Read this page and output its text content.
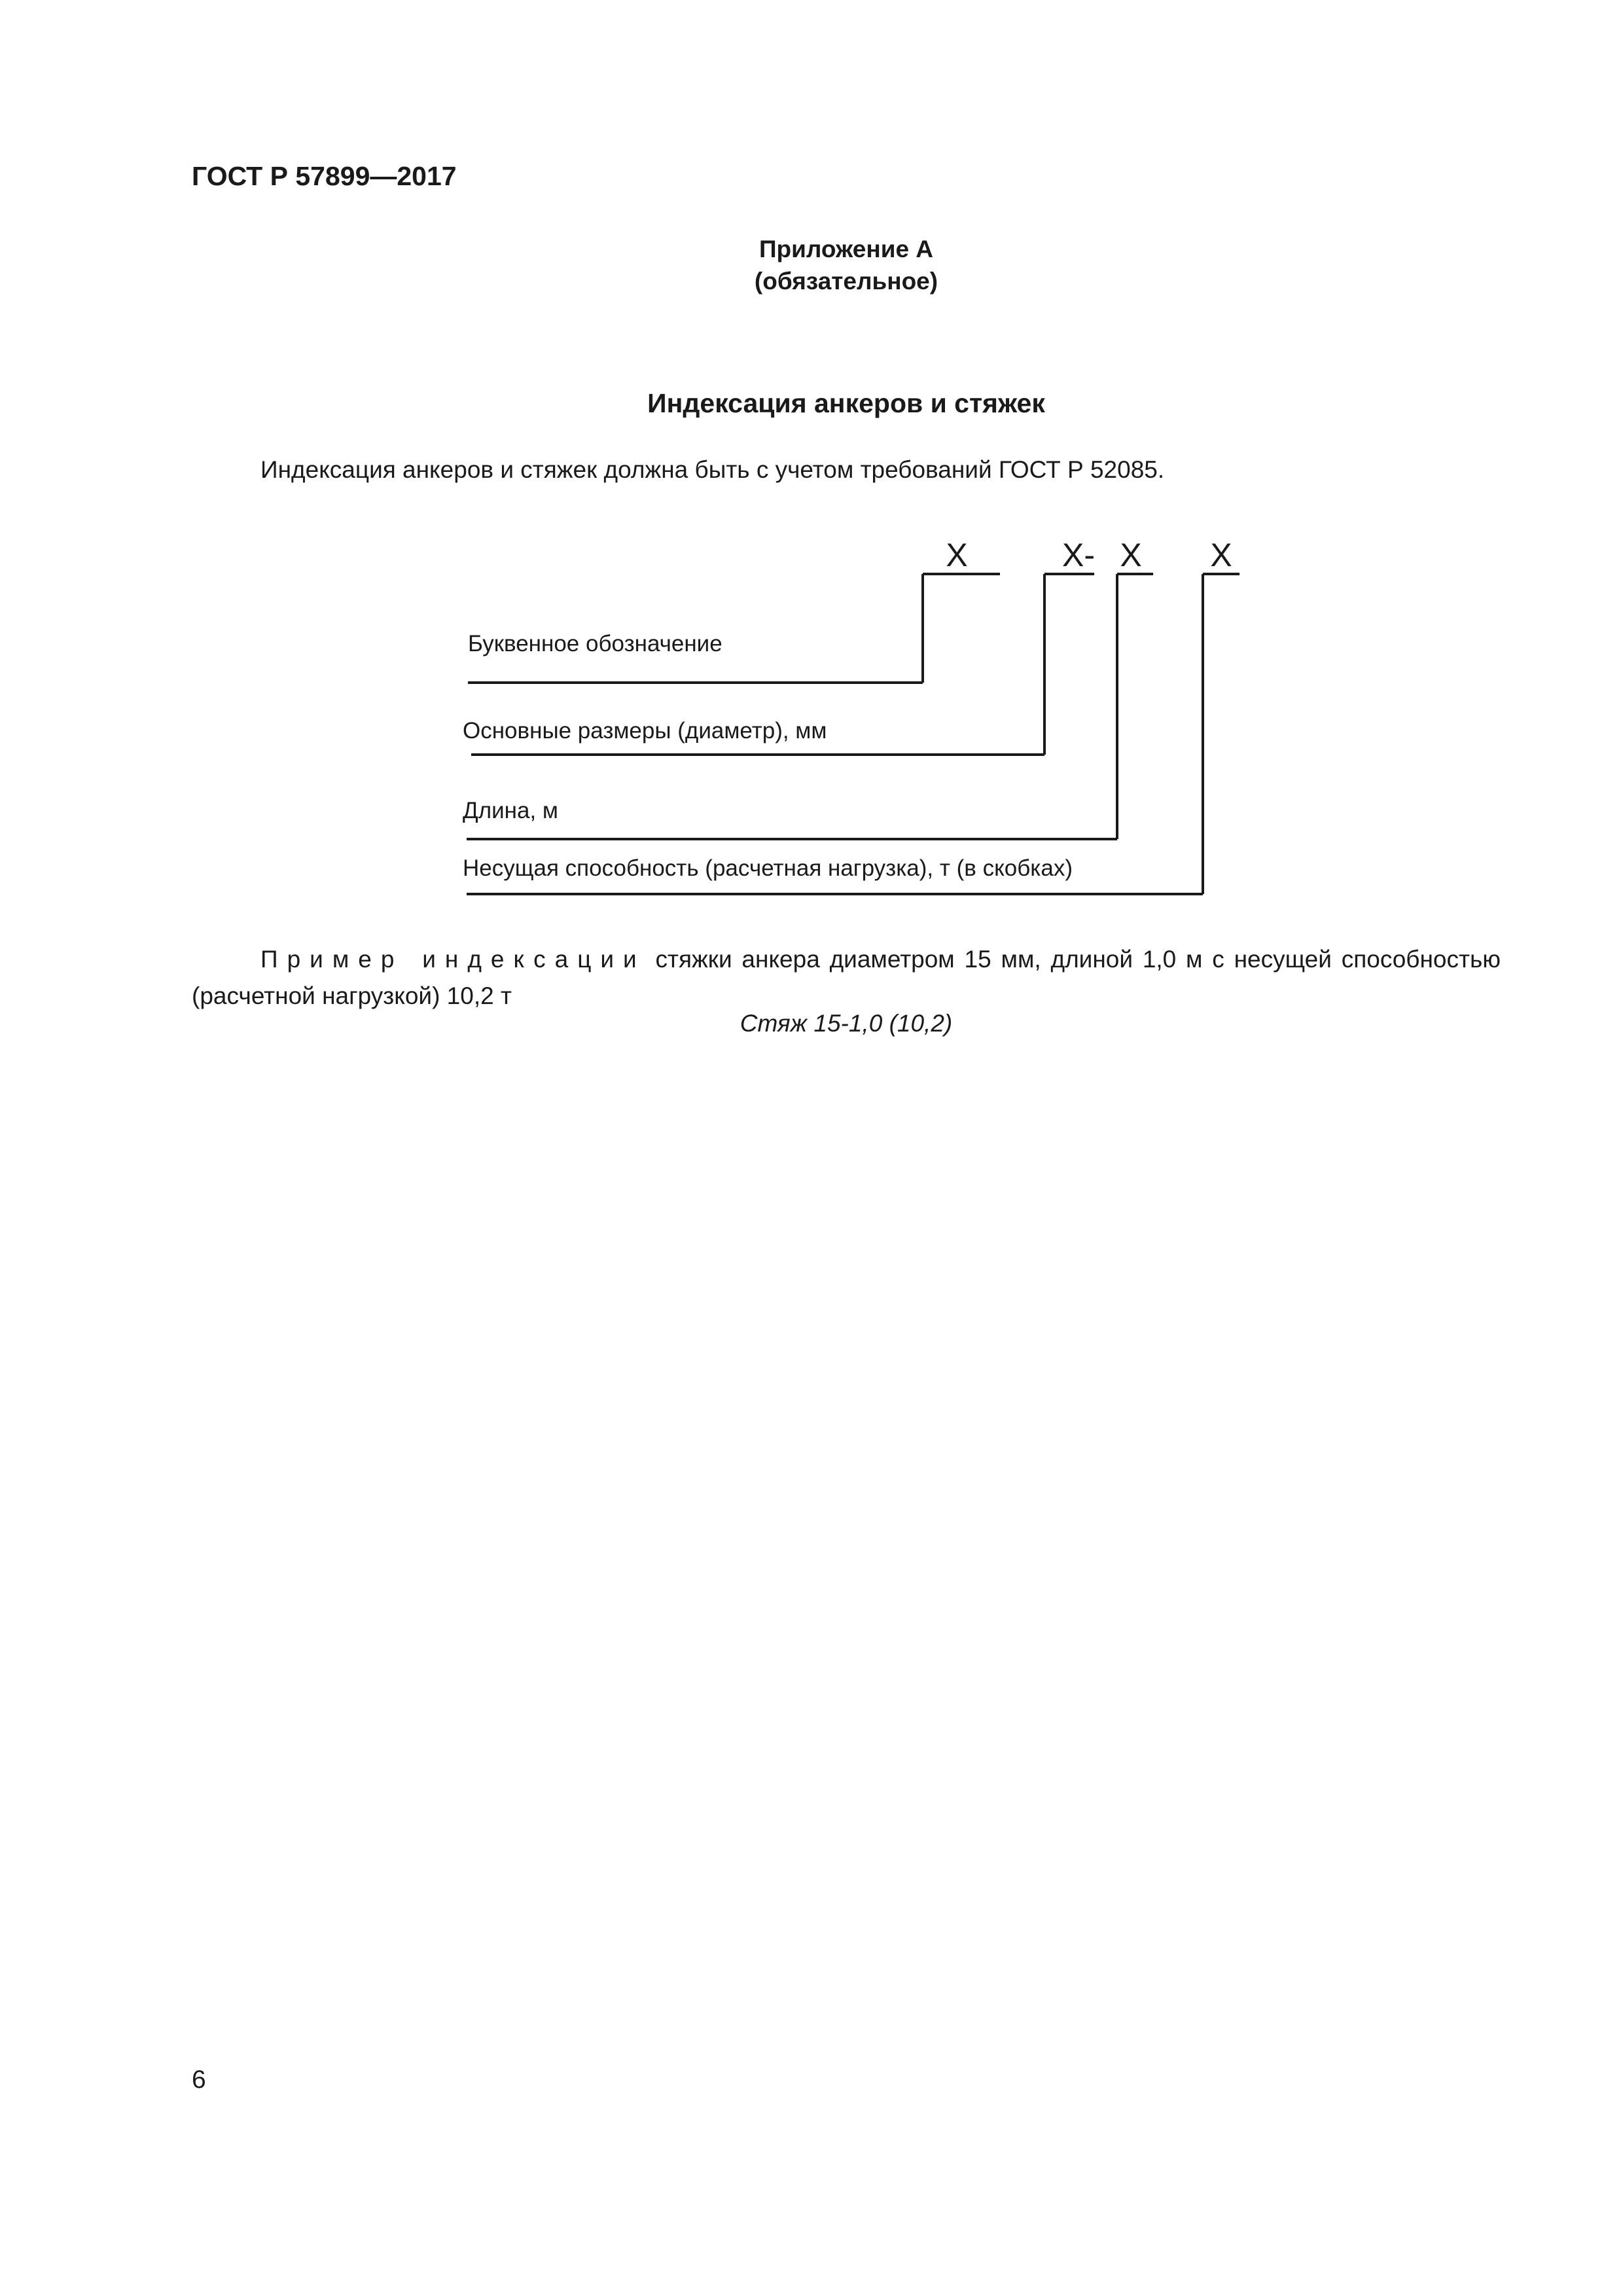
ГОСТ Р 57899—2017
Приложение А
(обязательное)
Индексация анкеров и стяжек
Индексация анкеров и стяжек должна быть с учетом требований ГОСТ Р 52085.
Х	Х- Х Х
Буквенное обозначение
Основные размеры (диаметр), мм
Длина, м
Несущая способность (расчетная нагрузка), т (в скобках)
Пример индексации стяжки анкера диаметром 15 мм, длиной 1,0 м с несущей способностью
(расчетной нагрузкой) 10,2 т
Стяж 15-1,0 (10,2)
6
